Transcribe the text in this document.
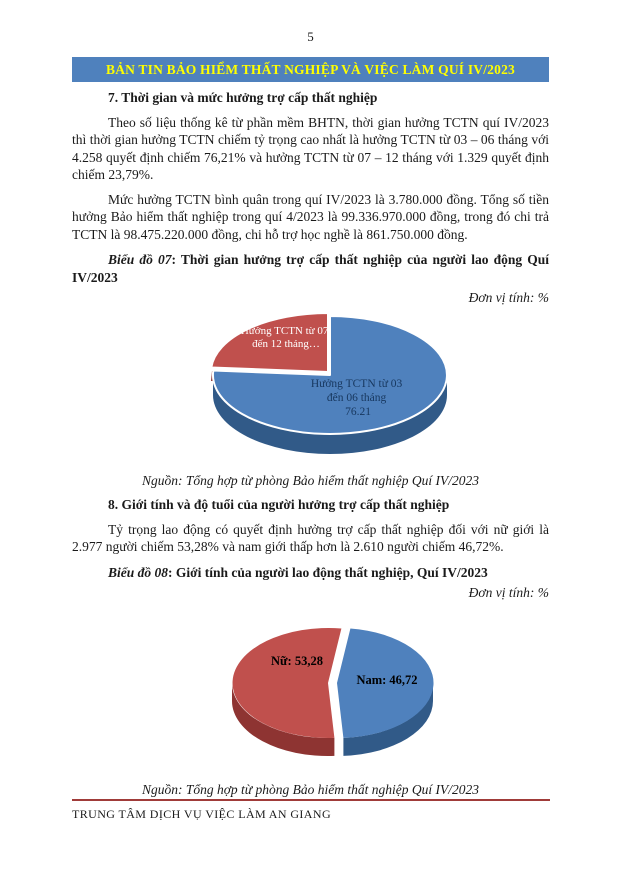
5
BẢN TIN BẢO HIỂM THẤT NGHIỆP VÀ VIỆC LÀM QUÍ IV/2023
7. Thời gian và mức hưởng trợ cấp thất nghiệp

Theo số liệu thống kê từ phần mềm BHTN, thời gian hưởng TCTN quí IV/2023 thì thời gian hưởng TCTN chiếm tỷ trọng cao nhất là hưởng TCTN từ 03 – 06 tháng với 4.258 quyết định chiếm 76,21% và hưởng TCTN từ 07 – 12 tháng với 1.329 quyết định chiếm 23,79%.

Mức hưởng TCTN bình quân trong quí IV/2023 là 3.780.000 đồng. Tổng số tiền hưởng Bảo hiểm thất nghiệp trong quí 4/2023 là 99.336.970.000 đồng, trong đó chi trả TCTN là 98.475.220.000 đồng, chi hỗ trợ học nghề là 861.750.000 đồng.

Biểu đồ 07: Thời gian hưởng trợ cấp thất nghiệp của người lao động Quí IV/2023

Đơn vị tính: %
Hưởng TCTN từ 07 đến 12 tháng…
Hưởng TCTN từ 03 đến 06 tháng 76.21
Nguồn: Tổng hợp từ phòng Bảo hiểm thất nghiệp Quí IV/2023
8. Giới tính và độ tuổi của người hưởng trợ cấp thất nghiệp

Tỷ trọng lao động có quyết định hưởng trợ cấp thất nghiệp đối với nữ giới là 2.977 người chiếm 53,28% và nam giới thấp hơn là 2.610 người chiếm 46,72%.

Biểu đồ 08: Giới tính của người lao động thất nghiệp, Quí IV/2023

Đơn vị tính: %
Nữ: 53,28
Nam: 46,72
Nguồn: Tổng hợp từ phòng Bảo hiểm thất nghiệp Quí IV/2023
TRUNG TÂM DỊCH VỤ VIỆC LÀM AN GIANG
